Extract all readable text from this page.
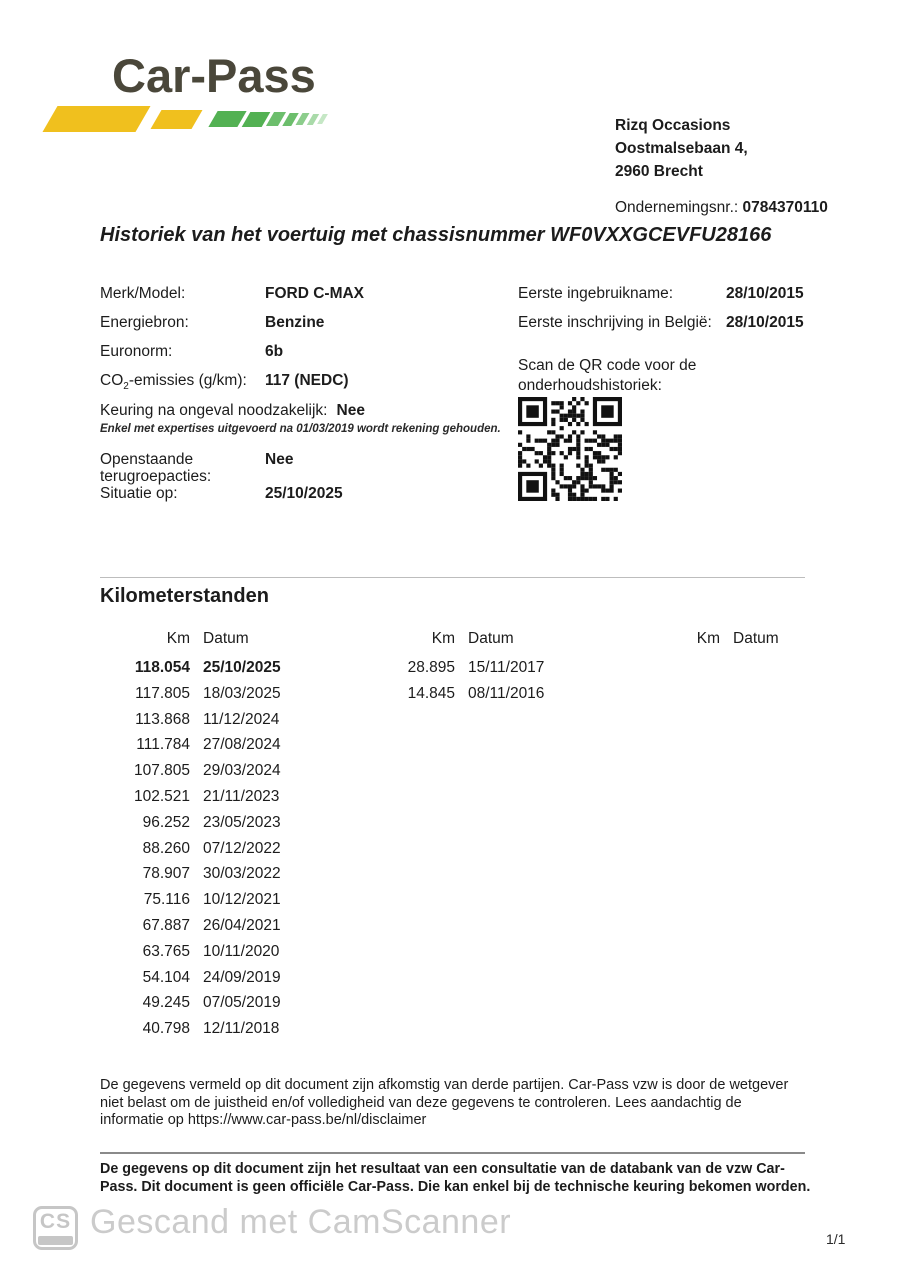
Car-Pass
Rizq Occasions
Oostmalsebaan 4,
2960 Brecht
Ondernemingsnr.: 0784370110
Historiek van het voertuig met chassisnummer WF0VXXGCEVFU28166
Merk/Model:	FORD C-MAX
Energiebron:	Benzine
Euronorm:	6b
$CO_2$-emissies (g/km):	117 (NEDC)
Eerste ingebruikname:	28/10/2015
Eerste inschrijving in België: 28/10/2015
Scan de QR code voor de onderhoudshistoriek:
Keuring na ongeval noodzakelijk: Nee
Enkel met expertises uitgevoerd na 01/03/2019 wordt rekening gehouden.
Openstaande terugroepacties:
Nee
Situatie op:	25/10/2025
Kilometerstanden
Km Datum
118.054 25/10/2025
117.805 18/03/2025
113.868 11/12/2024
111.784 27/08/2024
107.805 29/03/2024
102.521 21/11/2023
96.252 23/05/2023
88.260 07/12/2022
78.907 30/03/2022
75.116 10/12/2021
67.887 26/04/2021
63.765 10/11/2020
54.104 24/09/2019
49.245 07/05/2019
40.798 12/11/2018
Km Datum
28.895 15/11/2017
14.845 08/11/2016
Km Datum

De gegevens vermeld op dit document zijn afkomstig van derde partijen. Car-Pass vzw is door de wetgever niet belast om de juistheid en/of volledigheid van deze gegevens te controleren. Lees aandachtig de informatie op https://www.car-pass.be/nl/disclaimer

De gegevens op dit document zijn het resultaat van een consultatie van de databank van de vzw Car-Pass. Dit document is geen officiële Car-Pass. Die kan enkel bij de technische keuring bekomen worden.

CS Gescand met CamScanner	1/1
